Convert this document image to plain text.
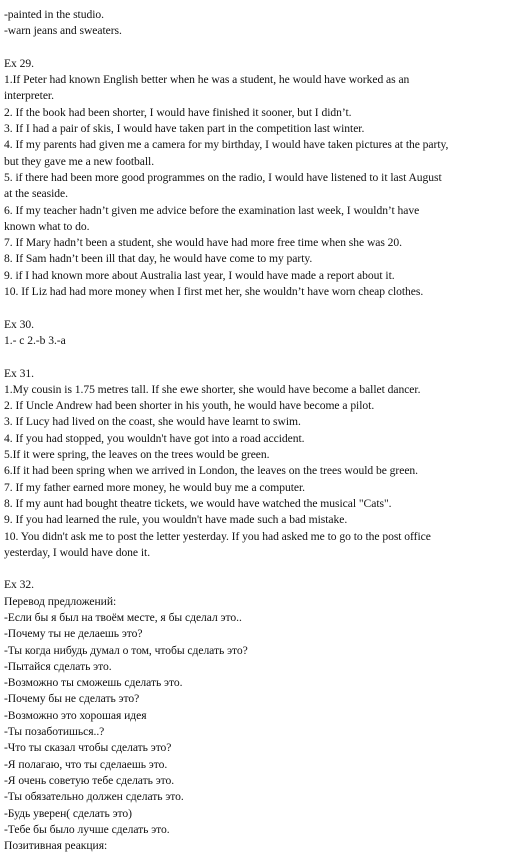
-painted in the studio.
-warn jeans and sweaters.
Ex 29.
1.If Peter had known English better when he was a student, he would have worked as an
interpreter.
2. If the book had been shorter, I would have finished it sooner, but I didn’t.
3. If I had a pair of skis, I would have taken part in the competition last winter.
4. If my parents had given me a camera for my birthday, I would have taken pictures at the party,
but they gave me a new football.
5. if there had been more good programmes on the radio, I would have listened to it last August
at the seaside.
6. If my teacher hadn’t given me advice before the examination last week, I wouldn’t have
known what to do.
7. If Mary hadn’t been a student, she would have had more free time when she was 20.
8. If Sam hadn’t been ill that day, he would have come to my party.
9. if I had known more about Australia last year, I would have made a report about it.
10. If Liz had had more money when I first met her, she wouldn’t have worn cheap clothes.
Ex 30.
1.- c 2.-b 3.-a
Ex 31.
1.My cousin is 1.75 metres tall. If she ewe shorter, she would have become a ballet dancer.
2. If Uncle Andrew had been shorter in his youth, he would have become a pilot.
3. If Lucy had lived on the coast, she would have learnt to swim.
4. If you had stopped, you wouldn't have got into a road accident.
5.If it were spring, the leaves on the trees would be green.
6.If it had been spring when we arrived in London, the leaves on the trees would be green.
7. If my father earned more money, he would buy me a computer.
8. If my aunt had bought theatre tickets, we would have watched the musical "Cats".
9. If you had learned the rule, you wouldn't have made such a bad mistake.
10. You didn't ask me to post the letter yesterday. If you had asked me to go to the post office
yesterday, I would have done it.
Ex 32.
Перевод предложений:
-Если бы я был на твоём месте, я бы сделал это..
-Почему ты не делаешь это?
-Ты когда нибудь думал о том, чтобы сделать это?
-Пытайся сделать это.
-Возможно ты сможешь сделать это.
-Почему бы не сделать это?
-Возможно это хорошая идея
-Ты позаботишься..?
-Что ты сказал чтобы сделать это?
-Я полагаю, что ты сделаешь это.
-Я очень советую тебе сделать это.
-Ты обязательно должен сделать это.
-Будь уверен( сделать это)
-Тебе бы было лучше сделать это.
Позитивная реакция:
